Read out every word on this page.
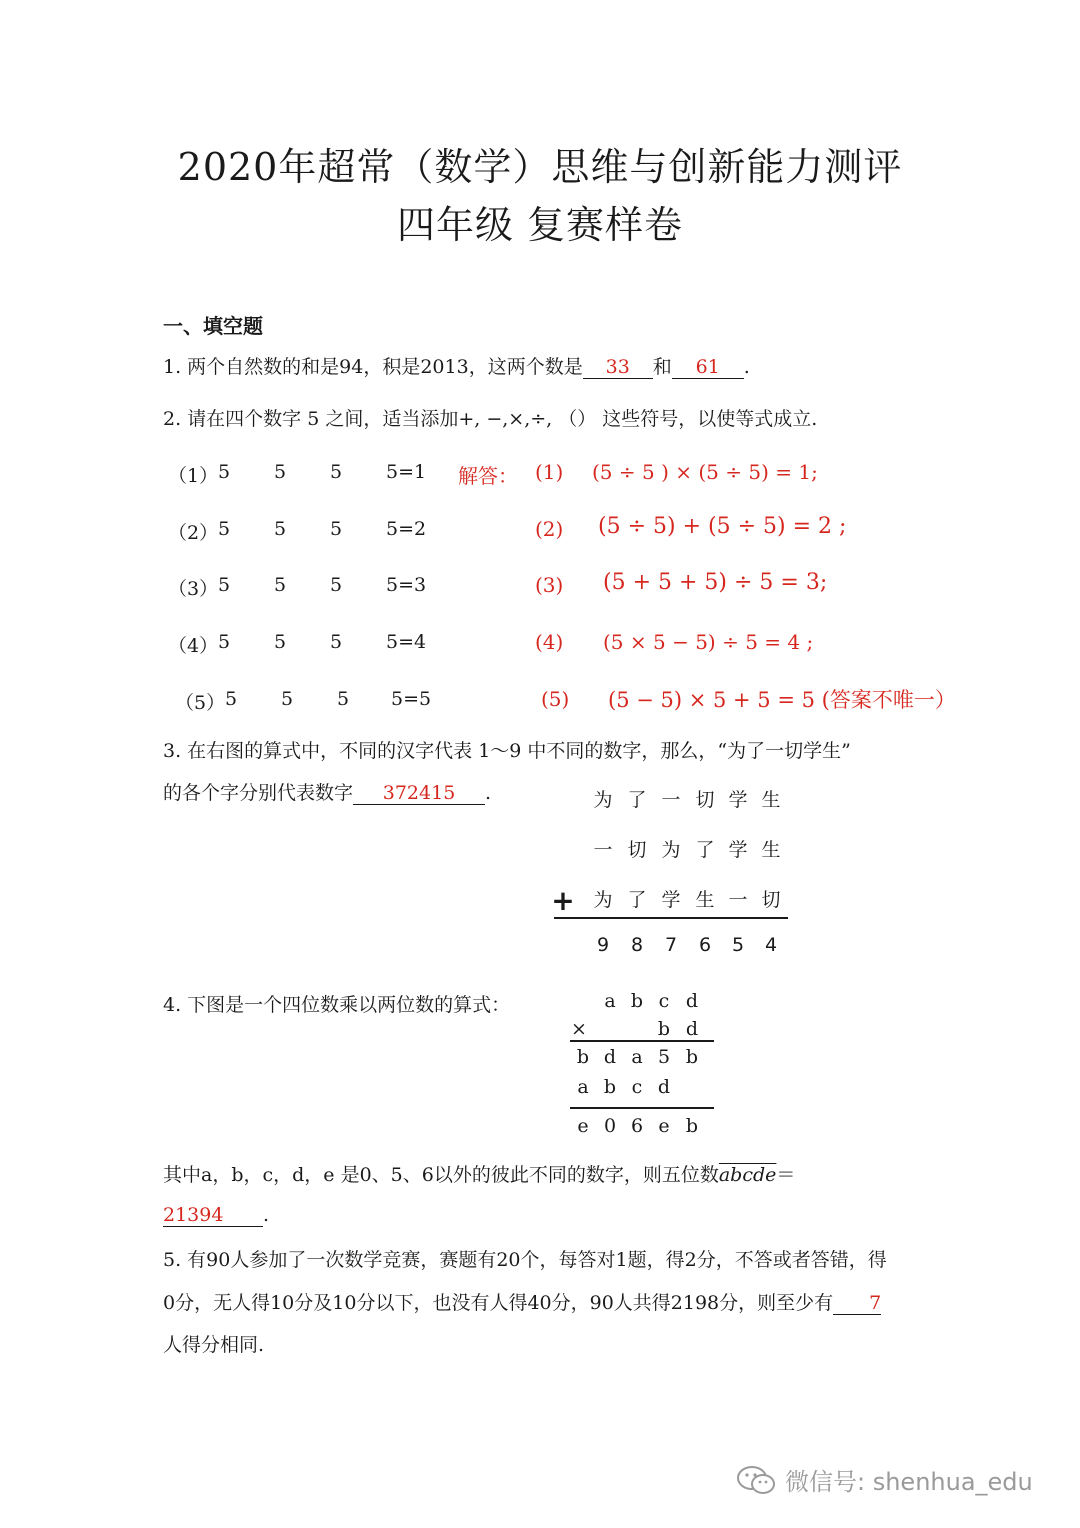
2020年超常（数学）思维与创新能力测评
四年级 复赛样卷
一、填空题
1. 两个自然数的和是94，积是2013，这两个数是 33 和 61 .
2. 请在四个数字 5 之间，适当添加+, −,×,÷, （） 这些符号，以使等式成立.
（1） 5 5 5 5=1 解答： (1) (5 ÷ 5 ) × (5 ÷ 5) = 1;
（2） 5 5 5 5=2	(2) (5 ÷ 5) + (5 ÷ 5) = 2 ;
（3） 5 5 5 5=3	(3) (5 + 5 + 5) ÷ 5 = 3;
（4） 5 5 5 5=4	(4) (5 × 5 − 5) ÷ 5 = 4 ;
（5） 5 5 5 5=5	(5) (5 − 5) × 5 + 5 = 5 (答案不唯一）
3. 在右图的算式中，不同的汉字代表 1～9 中不同的数字，那么，“为了一切学生”
的各个字分别代表数字 372415 .	为 了 一 切 学 生
一 切 为 了 学 生
为 了 学 生 一 切
+
9	8	7	6	5	4
4. 下图是一个四位数乘以两位数的算式：	a b c d
×	b d
b d a 5 b
a b c d
e 0 6 e b
其中a，b，c，d，e 是0、5、6以外的彼此不同的数字，则五位数abcde＝
21394 .
5. 有90人参加了一次数学竞赛，赛题有20个，每答对1题，得2分，不答或者答错，得
0分，无人得10分及10分以下，也没有人得40分，90人共得2198分，则至少有 7
人得分相同.
微信号: shenhua_edu
